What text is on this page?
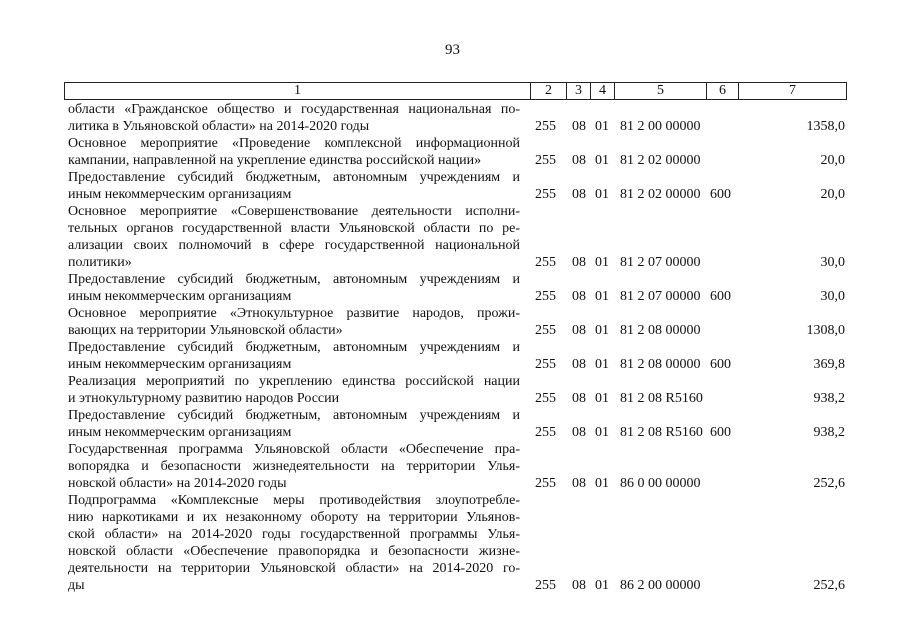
93
1	2	3	4	5	6	7
области «Гражданское общество и государственная национальная по-
литика в Ульяновской области» на 2014-2020 годы	255 08 01 81 2 00 00000	1358,0
Основное мероприятие «Проведение комплексной информационной
кампании, направленной на укрепление единства российской нации»	255 08 01 81 2 02 00000	20,0
Предоставление субсидий бюджетным, автономным учреждениям и
иным некоммерческим организациям	255 08 01 81 2 02 00000 600	20,0
Основное мероприятие «Совершенствование деятельности исполни-
тельных органов государственной власти Ульяновской области по ре-
ализации своих полномочий в сфере государственной национальной
политики»	255 08 01 81 2 07 00000	30,0
Предоставление субсидий бюджетным, автономным учреждениям и
иным некоммерческим организациям	255 08 01 81 2 07 00000 600	30,0
Основное мероприятие «Этнокультурное развитие народов, прожи-
вающих на территории Ульяновской области»	255 08 01 81 2 08 00000	1308,0
Предоставление субсидий бюджетным, автономным учреждениям и
иным некоммерческим организациям	255 08 01 81 2 08 00000 600	369,8
Реализация мероприятий по укреплению единства российской нации
и этнокультурному развитию народов России	255 08 01 81 2 08 R5160	938,2
Предоставление субсидий бюджетным, автономным учреждениям и
иным некоммерческим организациям	255 08 01 81 2 08 R5160 600	938,2
Государственная программа Ульяновской области «Обеспечение пра-
вопорядка и безопасности жизнедеятельности на территории Улья-
новской области» на 2014-2020 годы	255 08 01 86 0 00 00000	252,6
Подпрограмма «Комплексные меры противодействия злоупотребле-
нию наркотиками и их незаконному обороту на территории Ульянов-
ской области» на 2014-2020 годы государственной программы Улья-
новской области «Обеспечение правопорядка и безопасности жизне-
деятельности на территории Ульяновской области» на 2014-2020 го-
ды	255 08 01 86 2 00 00000	252,6
